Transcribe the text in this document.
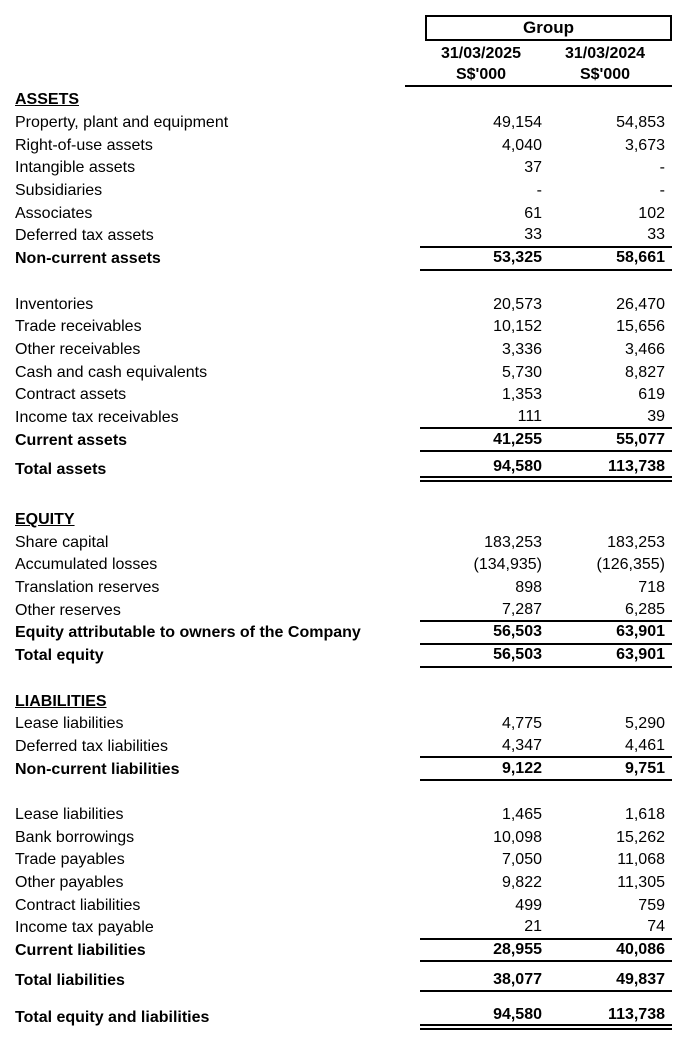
Group
31/03/2025	31/03/2024
S$'000	S$'000
ASSETS
Property, plant and equipment	49,154	54,853
Right-of-use assets	4,040	3,673
Intangible assets	37	-
Subsidiaries	-	-
Associates	61	102
Deferred tax assets	33	33
Non-current assets	53,325	58,661
Inventories	20,573	26,470
Trade receivables	10,152	15,656
Other receivables	3,336	3,466
Cash and cash equivalents	5,730	8,827
Contract assets	1,353	619
Income tax receivables	111	39
Current assets	41,255	55,077
Total assets	94,580	113,738
EQUITY
Share capital	183,253	183,253
Accumulated losses	(134,935)	(126,355)
Translation reserves	898	718
Other reserves	7,287	6,285
Equity attributable to owners of the Company	56,503	63,901
Total equity	56,503	63,901
LIABILITIES
Lease liabilities	4,775	5,290
Deferred tax liabilities	4,347	4,461
Non-current liabilities	9,122	9,751
Lease liabilities	1,465	1,618
Bank borrowings	10,098	15,262
Trade payables	7,050	11,068
Other payables	9,822	11,305
Contract liabilities	499	759
Income tax payable	21	74
Current liabilities	28,955	40,086
Total liabilities	38,077	49,837
Total equity and liabilities	94,580	113,738
